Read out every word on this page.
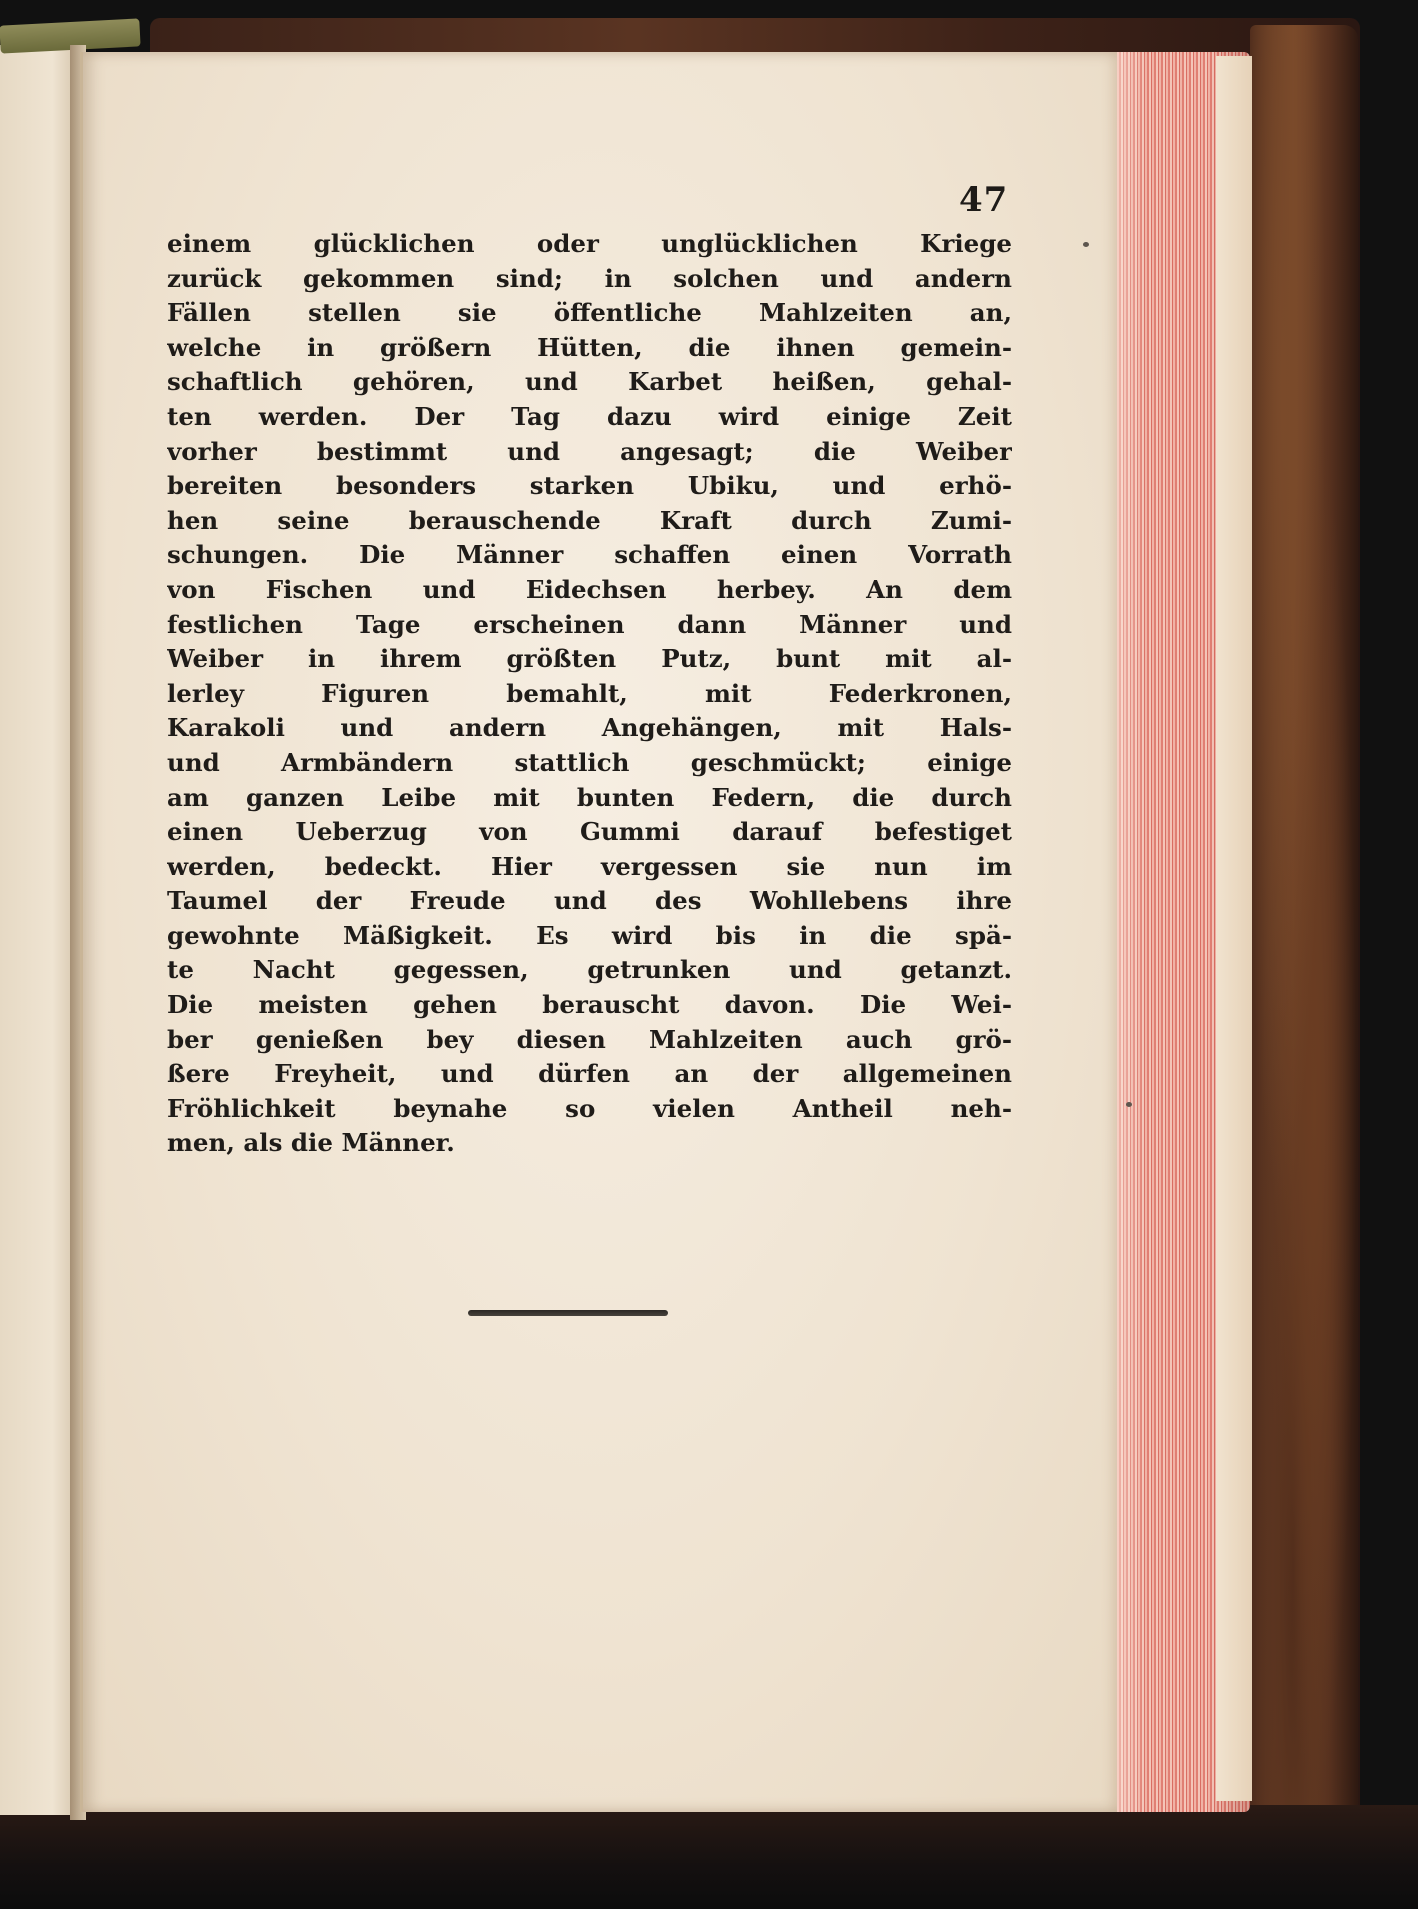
47
einem glücklichen oder unglücklichen Kriege
zurück gekommen sind; in solchen und andern
Fällen stellen sie öffentliche Mahlzeiten an,
welche in größern Hütten, die ihnen gemein-
schaftlich gehören, und Karbet heißen, gehal-
ten werden. Der Tag dazu wird einige Zeit
vorher bestimmt und angesagt; die Weiber
bereiten besonders starken Ubiku, und erhö-
hen seine berauschende Kraft durch Zumi-
schungen. Die Männer schaffen einen Vorrath
von Fischen und Eidechsen herbey. An dem
festlichen Tage erscheinen dann Männer und
Weiber in ihrem größten Putz, bunt mit al-
lerley Figuren bemahlt, mit Federkronen,
Karakoli und andern Angehängen, mit Hals-
und Armbändern stattlich geschmückt; einige
am ganzen Leibe mit bunten Federn, die durch
einen Ueberzug von Gummi darauf befestiget
werden, bedeckt. Hier vergessen sie nun im
Taumel der Freude und des Wohllebens ihre
gewohnte Mäßigkeit. Es wird bis in die spä-
te Nacht gegessen, getrunken und getanzt.
Die meisten gehen berauscht davon. Die Wei-
ber genießen bey diesen Mahlzeiten auch grö-
ßere Freyheit, und dürfen an der allgemeinen
Fröhlichkeit beynahe so vielen Antheil neh-
men, als die Männer.
